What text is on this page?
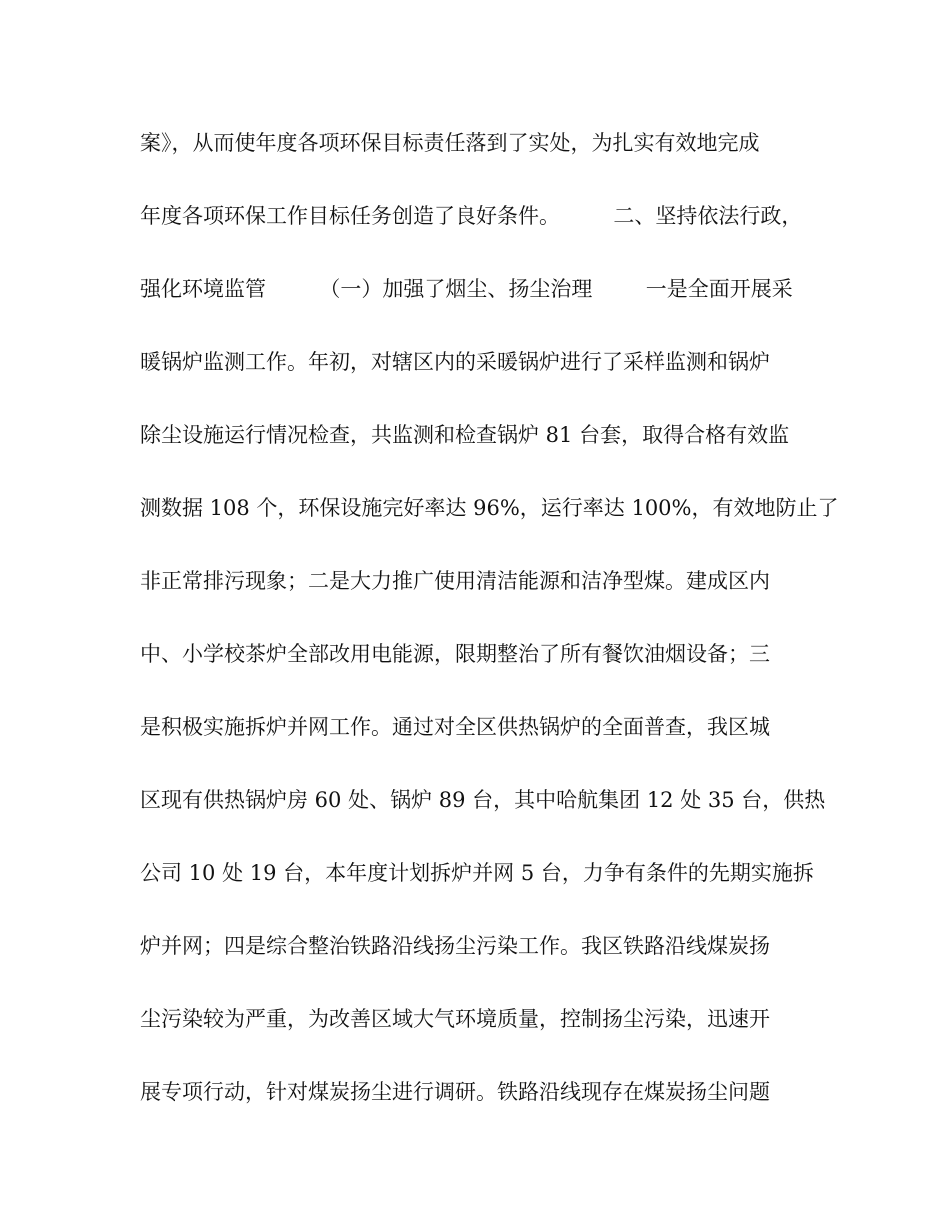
案》，从而使年度各项环保目标责任落到了实处，为扎实有效地完成
年度各项环保工作目标任务创造了良好条件。        二、坚持依法行政，
强化环境监管        （一）加强了烟尘、扬尘治理        一是全面开展采
暖锅炉监测工作。年初，对辖区内的采暖锅炉进行了采样监测和锅炉
除尘设施运行情况检查，共监测和检查锅炉 81 台套，取得合格有效监
测数据 108 个，环保设施完好率达 96%，运行率达 100%，有效地防止了
非正常排污现象；二是大力推广使用清洁能源和洁净型煤。建成区内
中、小学校茶炉全部改用电能源，限期整治了所有餐饮油烟设备；三
是积极实施拆炉并网工作。通过对全区供热锅炉的全面普查，我区城
区现有供热锅炉房 60 处、锅炉 89 台，其中哈航集团 12 处 35 台，供热
公司 10 处 19 台，本年度计划拆炉并网 5 台，力争有条件的先期实施拆
炉并网；四是综合整治铁路沿线扬尘污染工作。我区铁路沿线煤炭扬
尘污染较为严重，为改善区域大气环境质量，控制扬尘污染，迅速开
展专项行动，针对煤炭扬尘进行调研。铁路沿线现存在煤炭扬尘问题
